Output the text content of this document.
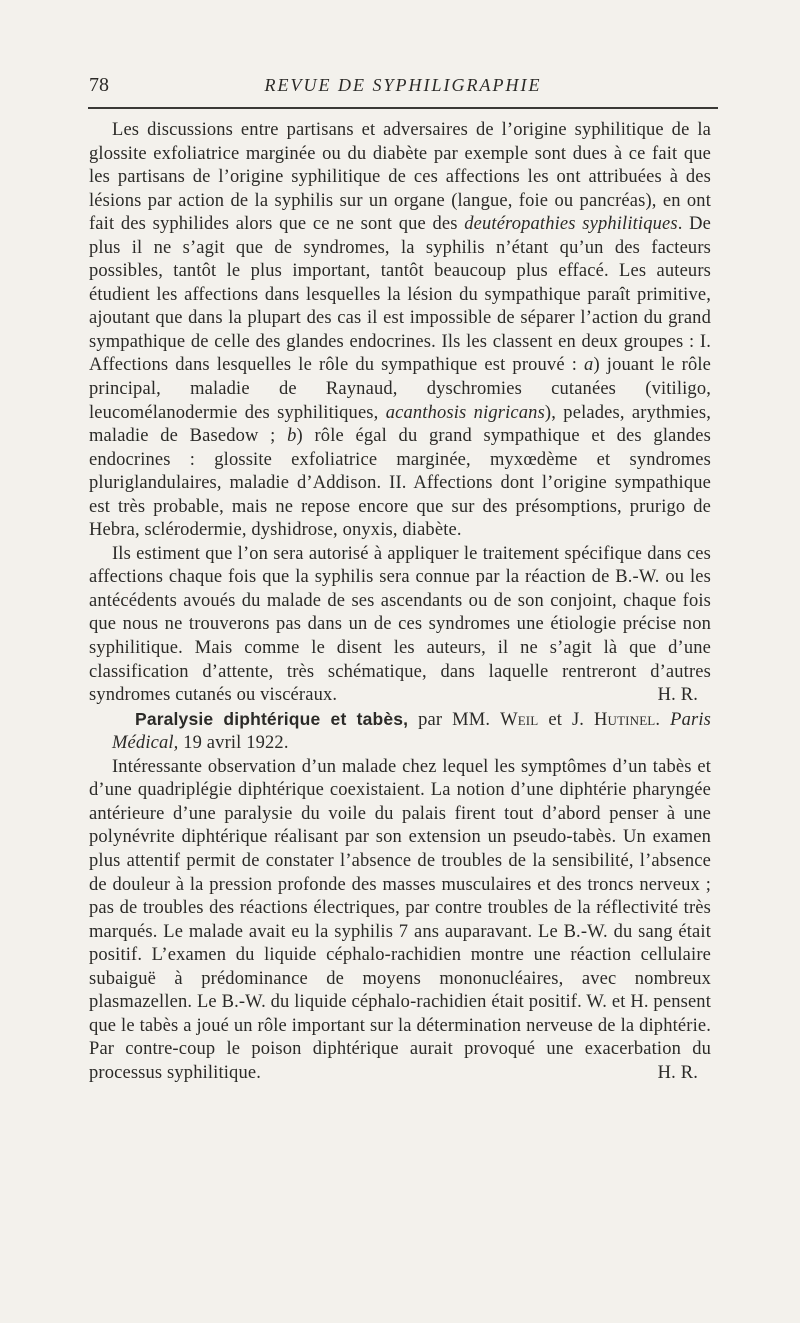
78	REVUE DE SYPHILIGRAPHIE

Les discussions entre partisans et adversaires de l’origine syphilitique de la glossite exfoliatrice marginée ou du diabète par exemple sont dues à ce fait que les partisans de l’origine syphilitique de ces affections les ont attribuées à des lésions par action de la syphilis sur un organe (langue, foie ou pancréas), en ont fait des syphilides alors que ce ne sont que des deutéropathies syphilitiques. De plus il ne s’agit que de syndromes, la syphilis n’étant qu’un des facteurs possibles, tantôt le plus important, tantôt beaucoup plus effacé. Les auteurs étudient les affections dans lesquelles la lésion du sympathique paraît primitive, ajoutant que dans la plupart des cas il est impossible de séparer l’action du grand sympathique de celle des glandes endocrines. Ils les classent en deux groupes : I. Affections dans lesquelles le rôle du sympathique est prouvé : a) jouant le rôle principal, maladie de Raynaud, dyschromies cutanées (vitiligo, leucomélanodermie des syphilitiques, acanthosis nigricans), pelades, arythmies, maladie de Basedow ; b) rôle égal du grand sympathique et des glandes endocrines : glossite exfoliatrice marginée, myxœdème et syndromes pluriglandulaires, maladie d’Addison. II. Affections dont l’origine sympathique est très probable, mais ne repose encore que sur des présomptions, prurigo de Hebra, sclérodermie, dyshidrose, onyxis, diabète.

Ils estiment que l’on sera autorisé à appliquer le traitement spécifique dans ces affections chaque fois que la syphilis sera connue par la réaction de B.-W. ou les antécédents avoués du malade de ses ascendants ou de son conjoint, chaque fois que nous ne trouverons pas dans un de ces syndromes une étiologie précise non syphilitique. Mais comme le disent les auteurs, il ne s’agit là que d’une classification d’attente, très schématique, dans laquelle rentreront d’autres syndromes cutanés ou viscéraux.	H. R.

Paralysie diphtérique et tabès, par MM. Weil et J. Hutinel. Paris Médical, 19 avril 1922.

Intéressante observation d’un malade chez lequel les symptômes d’un tabès et d’une quadriplégie diphtérique coexistaient. La notion d’une diphtérie pharyngée antérieure d’une paralysie du voile du palais firent tout d’abord penser à une polynévrite diphtérique réalisant par son extension un pseudo-tabès. Un examen plus attentif permit de constater l’absence de troubles de la sensibilité, l’absence de douleur à la pression profonde des masses musculaires et des troncs nerveux ; pas de troubles des réactions électriques, par contre troubles de la réflectivité très marqués. Le malade avait eu la syphilis 7 ans auparavant. Le B.-W. du sang était positif. L’examen du liquide céphalo-rachidien montre une réaction cellulaire subaiguë à prédominance de moyens mononucléaires, avec nombreux plasmazellen. Le B.-W. du liquide céphalo-rachidien était positif. W. et H. pensent que le tabès a joué un rôle important sur la détermination nerveuse de la diphtérie. Par contre-coup le poison diphtérique aurait provoqué une exacerbation du processus syphilitique.	H. R.
